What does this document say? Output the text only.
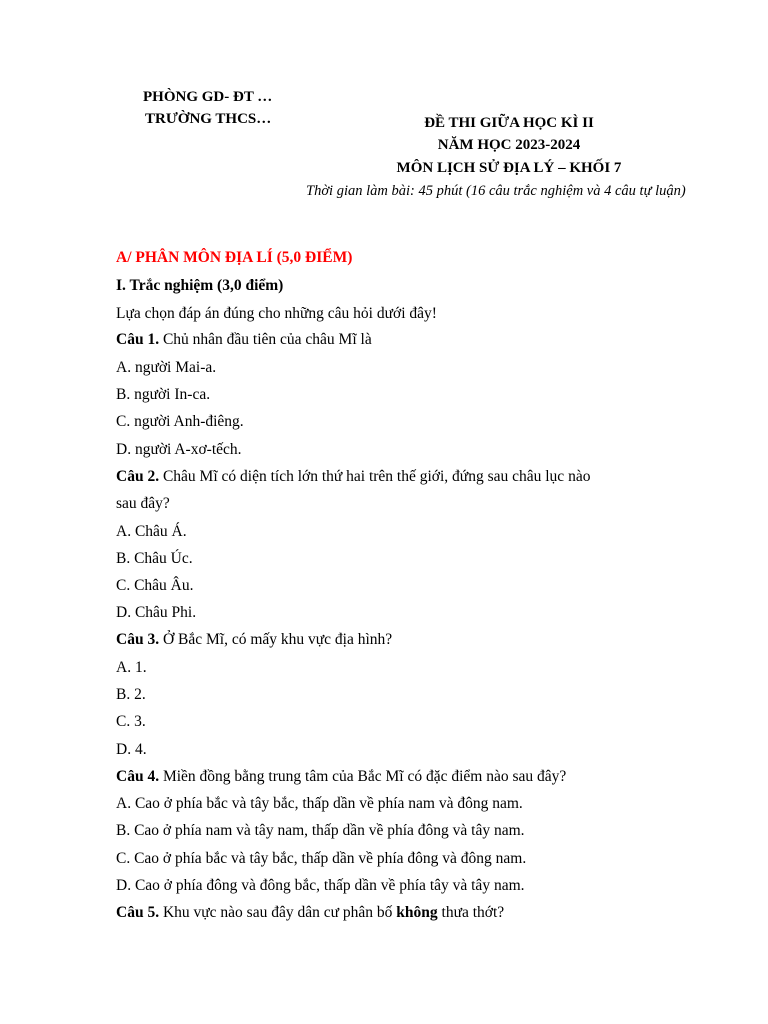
PHÒNG GD- ĐT …
TRƯỜNG THCS…	ĐỀ THI GIỮA HỌC KÌ II
NĂM HỌC 2023-2024
MÔN LỊCH SỬ ĐỊA LÝ – KHỐI 7
Thời gian làm bài: 45 phút (16 câu trắc nghiệm và 4 câu tự luận)
A/ PHÂN MÔN ĐỊA LÍ (5,0 ĐIỂM)
I. Trắc nghiệm (3,0 điểm)
Lựa chọn đáp án đúng cho những câu hỏi dưới đây!
Câu 1. Chủ nhân đầu tiên của châu Mĩ là
A. người Mai-a.
B. người In-ca.
C. người Anh-điêng.
D. người A-xơ-tếch.
Câu 2. Châu Mĩ có diện tích lớn thứ hai trên thế giới, đứng sau châu lục nào
sau đây?
A. Châu Á.
B. Châu Úc.
C. Châu Âu.
D. Châu Phi.
Câu 3. Ở Bắc Mĩ, có mấy khu vực địa hình?
A. 1.
B. 2.
C. 3.
D. 4.
Câu 4. Miền đồng bằng trung tâm của Bắc Mĩ có đặc điểm nào sau đây?
A. Cao ở phía bắc và tây bắc, thấp dần về phía nam và đông nam.
B. Cao ở phía nam và tây nam, thấp dần về phía đông và tây nam.
C. Cao ở phía bắc và tây bắc, thấp dần về phía đông và đông nam.
D. Cao ở phía đông và đông bắc, thấp dần về phía tây và tây nam.
Câu 5. Khu vực nào sau đây dân cư phân bố không thưa thớt?
